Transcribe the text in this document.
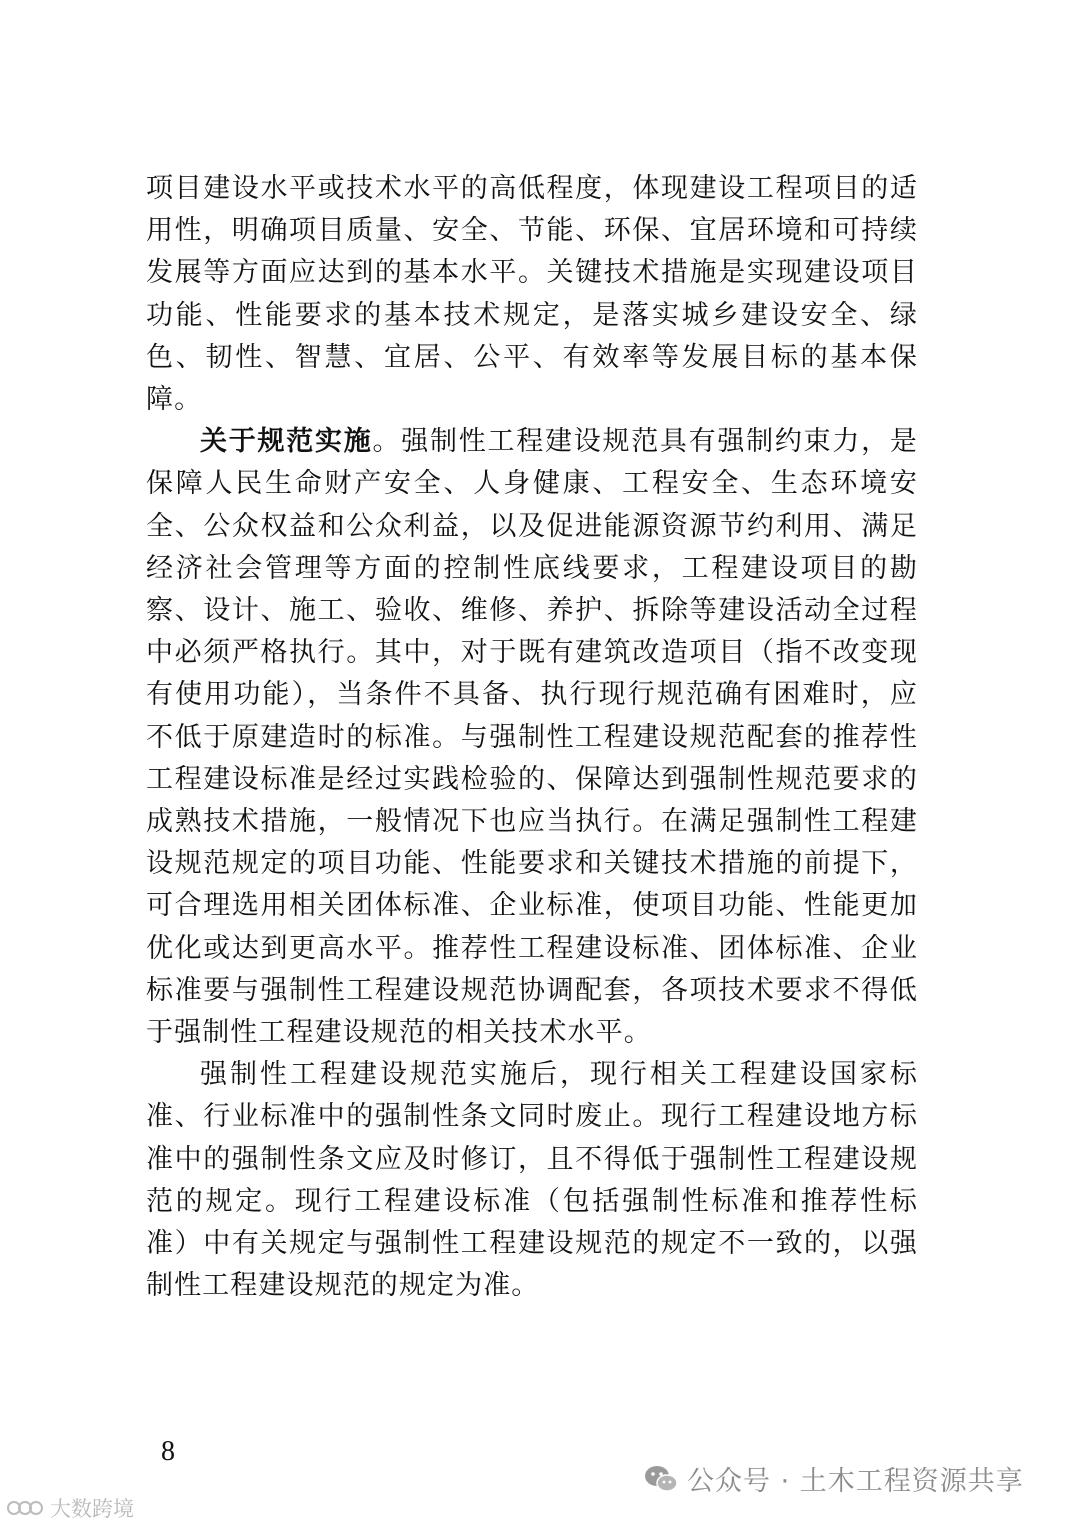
项目建设水平或技术水平的高低程度，体现建设工程项目的适用性，明确项目质量、安全、节能、环保、宜居环境和可持续发展等方面应达到的基本水平。关键技术措施是实现建设项目功能、性能要求的基本技术规定，是落实城乡建设安全、绿色、韧性、智慧、宜居、公平、有效率等发展目标的基本保障。

关于规范实施。强制性工程建设规范具有强制约束力，是保障人民生命财产安全、人身健康、工程安全、生态环境安全、公众权益和公众利益，以及促进能源资源节约利用、满足经济社会管理等方面的控制性底线要求，工程建设项目的勘察、设计、施工、验收、维修、养护、拆除等建设活动全过程中必须严格执行。其中，对于既有建筑改造项目（指不改变现有使用功能），当条件不具备、执行现行规范确有困难时，应不低于原建造时的标准。与强制性工程建设规范配套的推荐性工程建设标准是经过实践检验的、保障达到强制性规范要求的成熟技术措施，一般情况下也应当执行。在满足强制性工程建设规范规定的项目功能、性能要求和关键技术措施的前提下，可合理选用相关团体标准、企业标准，使项目功能、性能更加优化或达到更高水平。推荐性工程建设标准、团体标准、企业标准要与强制性工程建设规范协调配套，各项技术要求不得低于强制性工程建设规范的相关技术水平。

强制性工程建设规范实施后，现行相关工程建设国家标准、行业标准中的强制性条文同时废止。现行工程建设地方标准中的强制性条文应及时修订，且不得低于强制性工程建设规范的规定。现行工程建设标准（包括强制性标准和推荐性标准）中有关规定与强制性工程建设规范的规定不一致的，以强制性工程建设规范的规定为准。

8
公众号 · 土木工程资源共享
大数跨境
